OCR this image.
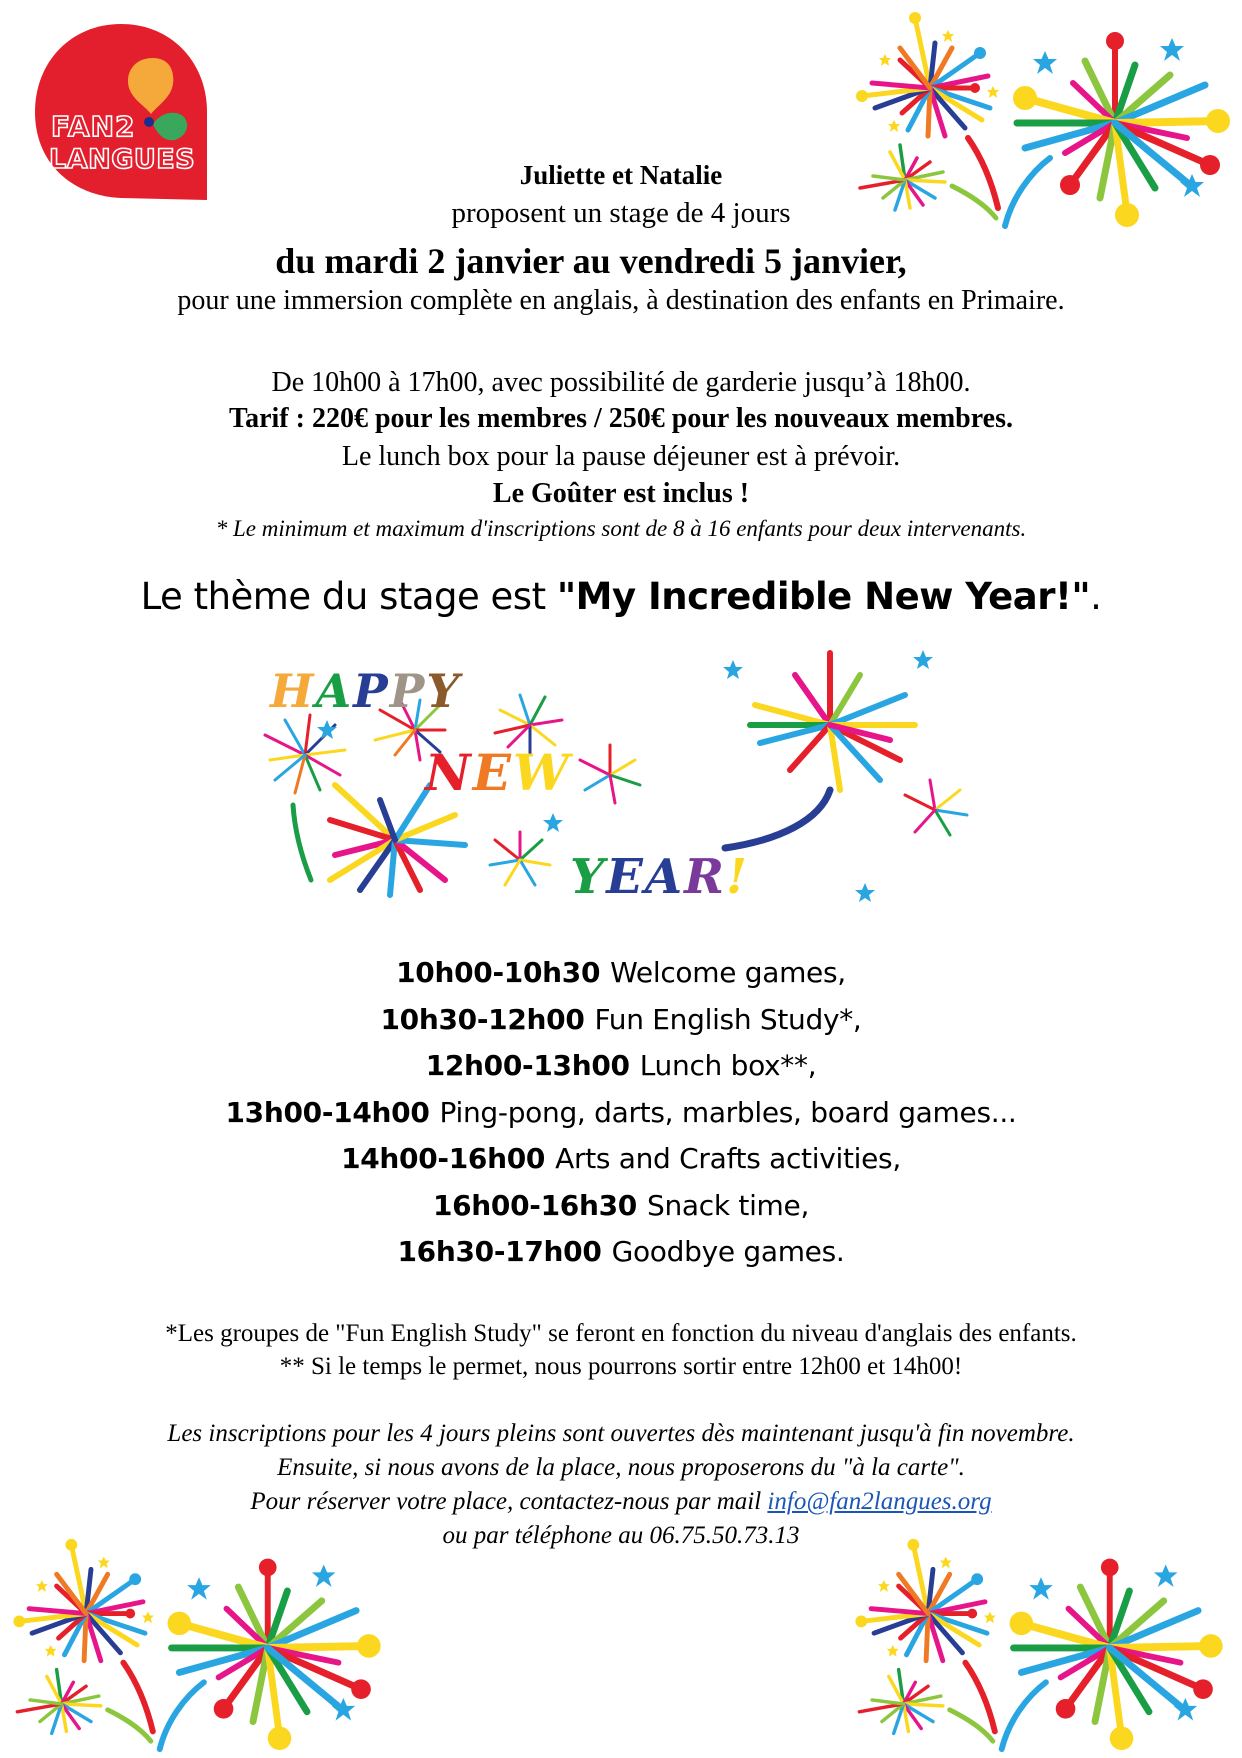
FAN2
LANGUES	Juliette et Natalie
proposent un stage de 4 jours
du mardi 2 janvier au vendredi 5 janvier,
pour une immersion complète en anglais, à destination des enfants en Primaire.
De 10h00 à 17h00, avec possibilité de garderie jusqu’à 18h00.
Tarif : 220€ pour les membres / 250€ pour les nouveaux membres.
Le lunch box pour la pause déjeuner est à prévoir.
Le Goûter est inclus !
* Le minimum et maximum d'inscriptions sont de 8 à 16 enfants pour deux intervenants.
Le thème du stage est "My Incredible New Year!".
HAPPY
NEW
YEAR!
10h00-10h30 Welcome games,
10h30-12h00 Fun English Study*,
12h00-13h00 Lunch box**,
13h00-14h00 Ping-pong, darts, marbles, board games...
14h00-16h00 Arts and Crafts activities,
16h00-16h30 Snack time,
16h30-17h00 Goodbye games.
*Les groupes de "Fun English Study" se feront en fonction du niveau d'anglais des enfants.
** Si le temps le permet, nous pourrons sortir entre 12h00 et 14h00!
Les inscriptions pour les 4 jours pleins sont ouvertes dès maintenant jusqu'à fin novembre.
Ensuite, si nous avons de la place, nous proposerons du "à la carte".
Pour réserver votre place, contactez-nous par mail info@fan2langues.org
ou par téléphone au 06.75.50.73.13
